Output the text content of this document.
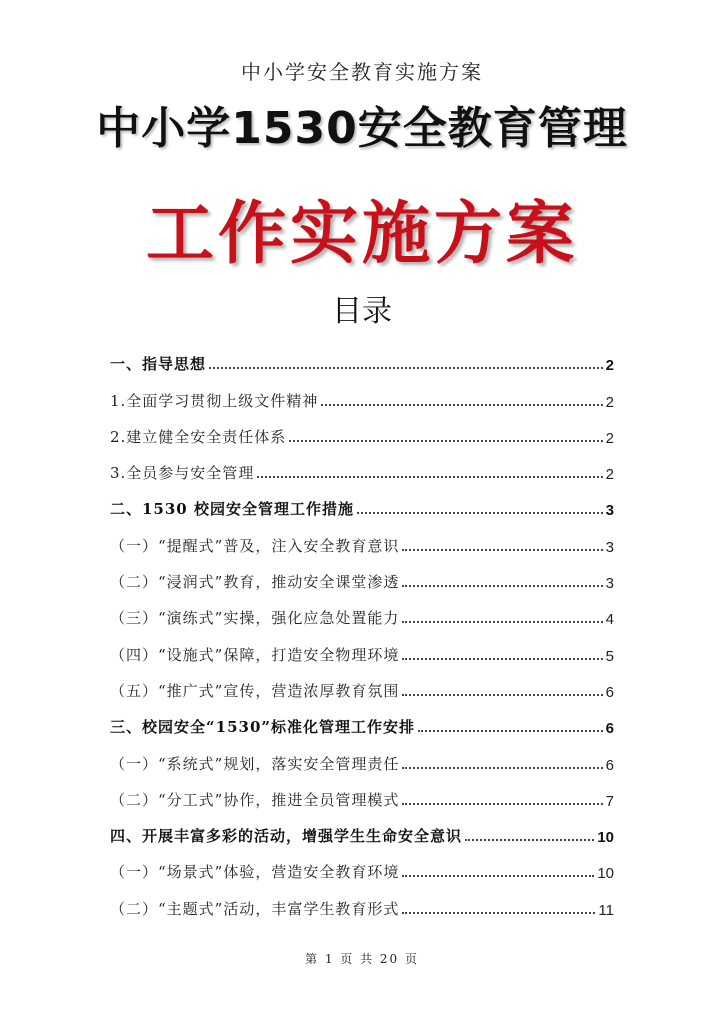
中小学安全教育实施方案
中小学1530安全教育管理
工作实施方案
目录
一、指导思想	2
1.全面学习贯彻上级文件精神	2
2.建立健全安全责任体系	2
3.全员参与安全管理	2
二、1530 校园安全管理工作措施	3
（一）“提醒式”普及，注入安全教育意识	3
（二）“浸润式”教育，推动安全课堂渗透	3
（三）“演练式”实操，强化应急处置能力	4
（四）“设施式”保障，打造安全物理环境	5
（五）“推广式”宣传，营造浓厚教育氛围	6
三、校园安全“1530”标准化管理工作安排	6
（一）“系统式”规划，落实安全管理责任	6
（二）“分工式”协作，推进全员管理模式	7
四、开展丰富多彩的活动，增强学生生命安全意识	10
（一）“场景式”体验，营造安全教育环境	10
（二）“主题式”活动，丰富学生教育形式	11
第 1 页 共 20 页
